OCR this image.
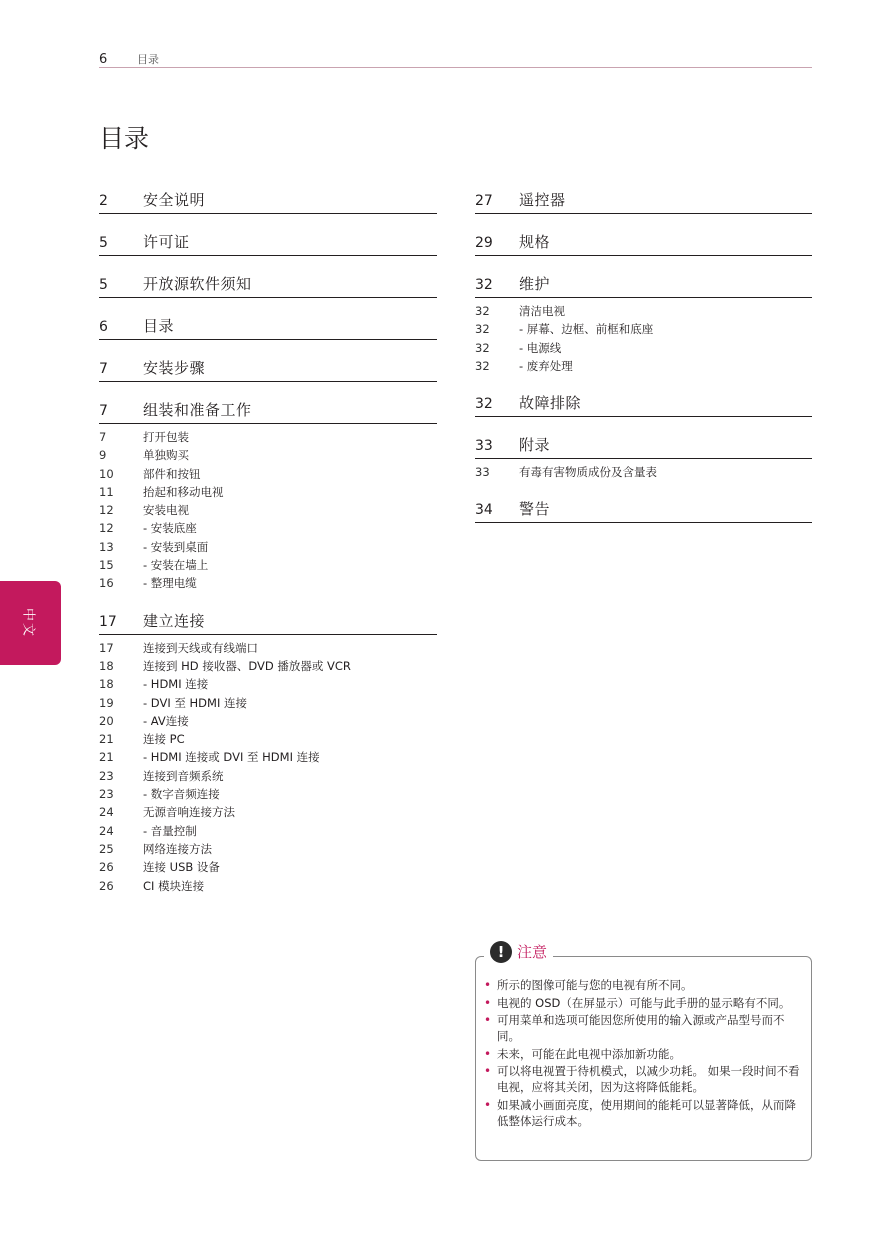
6	目录
目录
2 安全说明
5 许可证
5 开放源软件须知
6 目录
7 安装步骤
7 组装和准备工作
7	打开包装
9	单独购买
10	部件和按钮
11	抬起和移动电视
12	安装电视
12	- 安装底座
13	- 安装到桌面
15	- 安装在墙上
16	- 整理电缆
17 建立连接
17	连接到天线或有线端口
18	连接到 HD 接收器、DVD 播放器或 VCR
18	- HDMI 连接
19	- DVI 至 HDMI 连接
20	- AV连接
21	连接 PC
21	- HDMI 连接或 DVI 至 HDMI 连接
23	连接到音频系统
23	- 数字音频连接
24	无源音响连接方法
24	- 音量控制
25	网络连接方法
26	连接 USB 设备
26	CI 模块连接
27 遥控器
29 规格
32 维护
32	清洁电视
32	- 屏幕、边框、前框和底座
32	- 电源线
32	- 废弃处理
32 故障排除
33 附录
33	有毒有害物质成份及含量表
34 警告
中文
! 注意
• 所示的图像可能与您的电视有所不同。
• 电视的 OSD（在屏显示）可能与此手册的显示略有不同。
• 可用菜单和选项可能因您所使用的输入源或产品型号而不同。
• 未来，可能在此电视中添加新功能。
• 可以将电视置于待机模式，以减少功耗。 如果一段时间不看电视，应将其关闭，因为这将降低能耗。
• 如果减小画面亮度，使用期间的能耗可以显著降低，从而降低整体运行成本。
